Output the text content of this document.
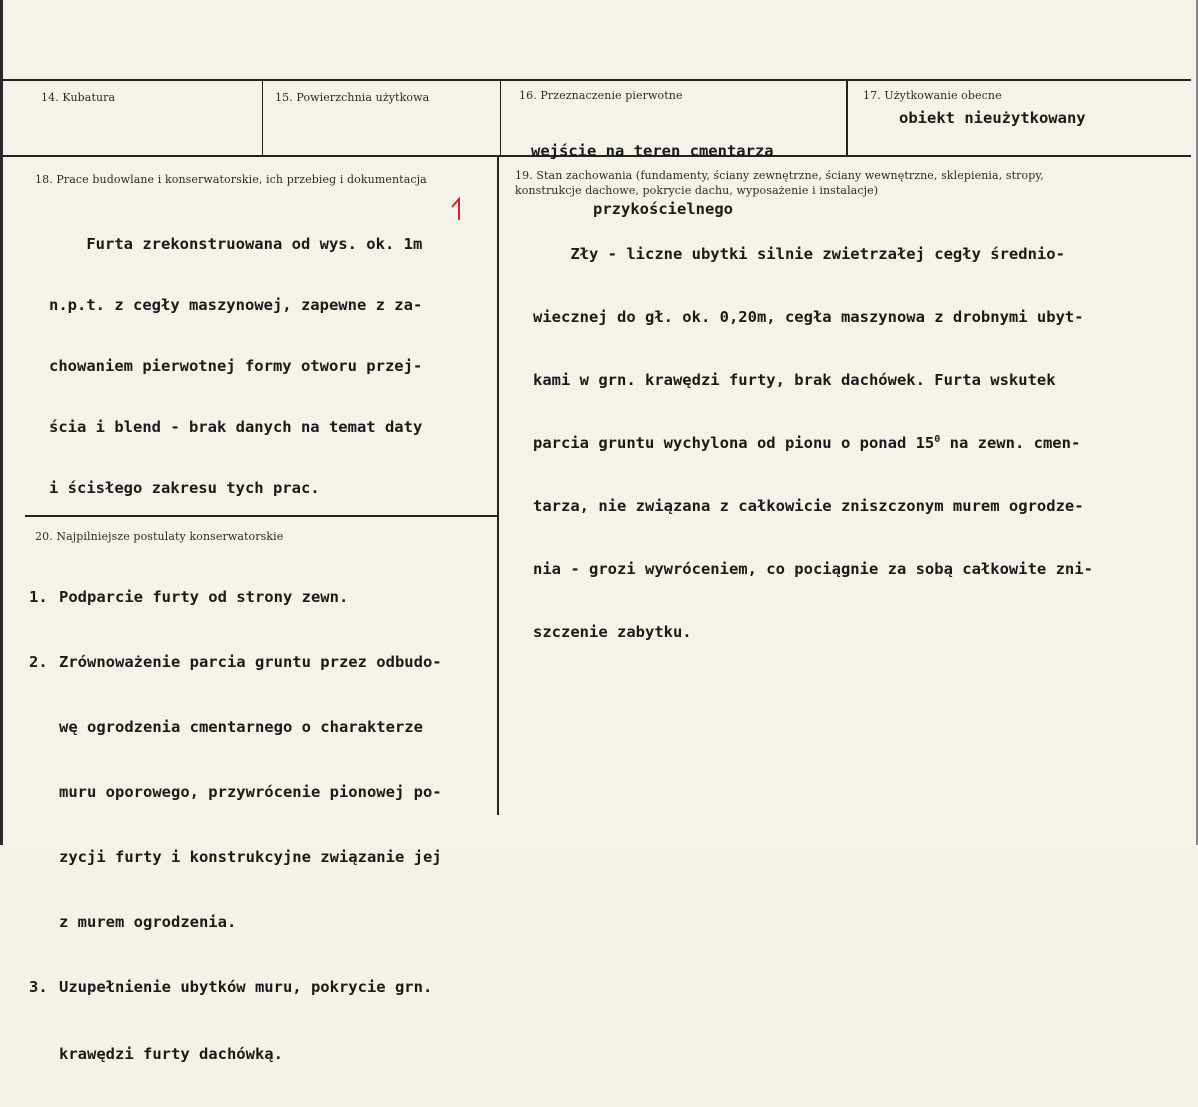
14. Kubatura	15. Powierzchnia użytkowa	16. Przeznaczenie pierwotne

wejście na teren cmentarza

przykościelnego

17. Użytkowanie obecne
obiekt nieużytkowany
18. Prace budowlane i konserwatorskie, ich przebieg i dokumentacja

Furta zrekonstruowana od wys. ok. 1m

n.p.t. z cegły maszynowej, zapewne z za-

chowaniem pierwotnej formy otworu przej-

ścia i blend - brak danych na temat daty

i ścisłego zakresu tych prac.

19. Stan zachowania (fundamenty, ściany zewnętrzne, ściany wewnętrzne, sklepienia, stropy,
konstrukcje dachowe, pokrycie dachu, wyposażenie i instalacje)

Zły - liczne ubytki silnie zwietrzałej cegły średnio-

wiecznej do gł. ok. 0,20m, cegła maszynowa z drobnymi ubyt-

kami w grn. krawędzi furty, brak dachówek. Furta wskutek

parcia gruntu wychylona od pionu o ponad $15^0$ na zewn. cmen-

tarza, nie związana z całkowicie zniszczonym murem ogrodze-

nia - grozi wywróceniem, co pociągnie za sobą całkowite zni-

szczenie zabytku.

20. Najpilniejsze postulaty konserwatorskie

1. Podparcie furty od strony zewn.

2. Zrównoważenie parcia gruntu przez odbudo-

wę ogrodzenia cmentarnego o charakterze

muru oporowego, przywrócenie pionowej po-

zycji furty i konstrukcyjne związanie jej

z murem ogrodzenia.

3. Uzupełnienie ubytków muru, pokrycie grn.

krawędzi furty dachówką.
